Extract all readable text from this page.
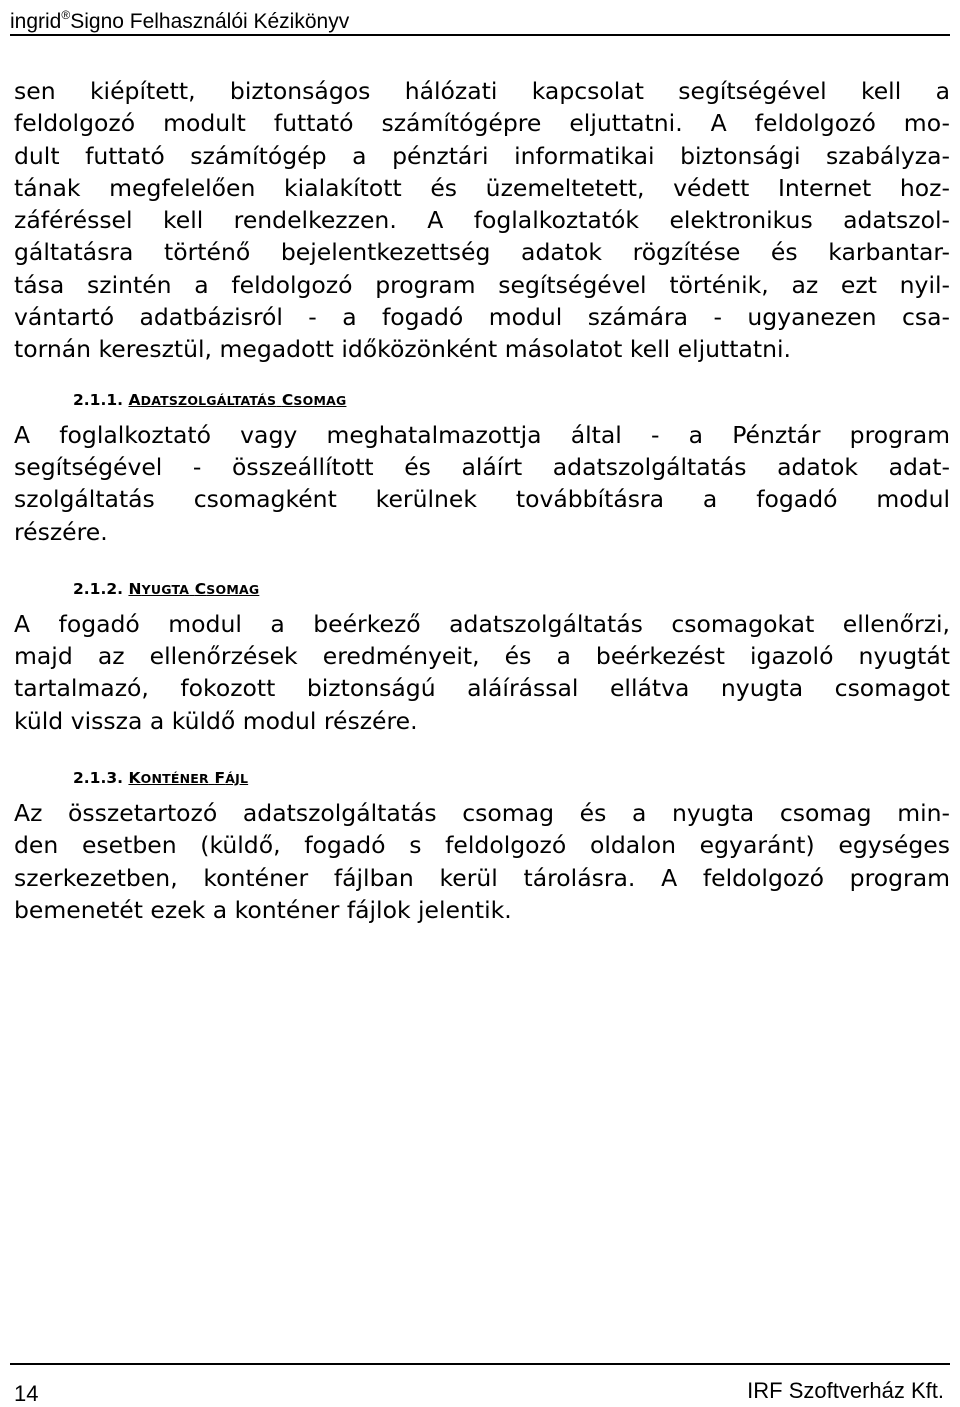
ingrid®Signo Felhasználói Kézikönyv
sen kiépített, biztonságos hálózati kapcsolat segítségével kell a
feldolgozó modult futtató számítógépre eljuttatni. A feldolgozó mo-
dult futtató számítógép a pénztári informatikai biztonsági szabályza-
tának megfelelően kialakított és üzemeltetett, védett Internet hoz-
záféréssel kell rendelkezzen. A foglalkoztatók elektronikus adatszol-
gáltatásra történő bejelentkezettség adatok rögzítése és karbantar-
tása szintén a feldolgozó program segítségével történik, az ezt nyil-
vántartó adatbázisról - a fogadó modul számára - ugyanezen csa-
tornán keresztül, megadott időközönként másolatot kell eljuttatni.
2.1.1. ADATSZOLGÁLTATÁS CSOMAG
A foglalkoztató vagy meghatalmazottja által - a Pénztár program
segítségével - összeállított és aláírt adatszolgáltatás adatok adat-
szolgáltatás csomagként kerülnek továbbításra a fogadó modul
részére.
2.1.2. NYUGTA CSOMAG
A fogadó modul a beérkező adatszolgáltatás csomagokat ellenőrzi,
majd az ellenőrzések eredményeit, és a beérkezést igazoló nyugtát
tartalmazó, fokozott biztonságú aláírással ellátva nyugta csomagot
küld vissza a küldő modul részére.
2.1.3. KONTÉNER FÁJL
Az összetartozó adatszolgáltatás csomag és a nyugta csomag min-
den esetben (küldő, fogadó s feldolgozó oldalon egyaránt) egységes
szerkezetben, konténer fájlban kerül tárolásra. A feldolgozó program
bemenetét ezek a konténer fájlok jelentik.
14	IRF Szoftverház Kft.
